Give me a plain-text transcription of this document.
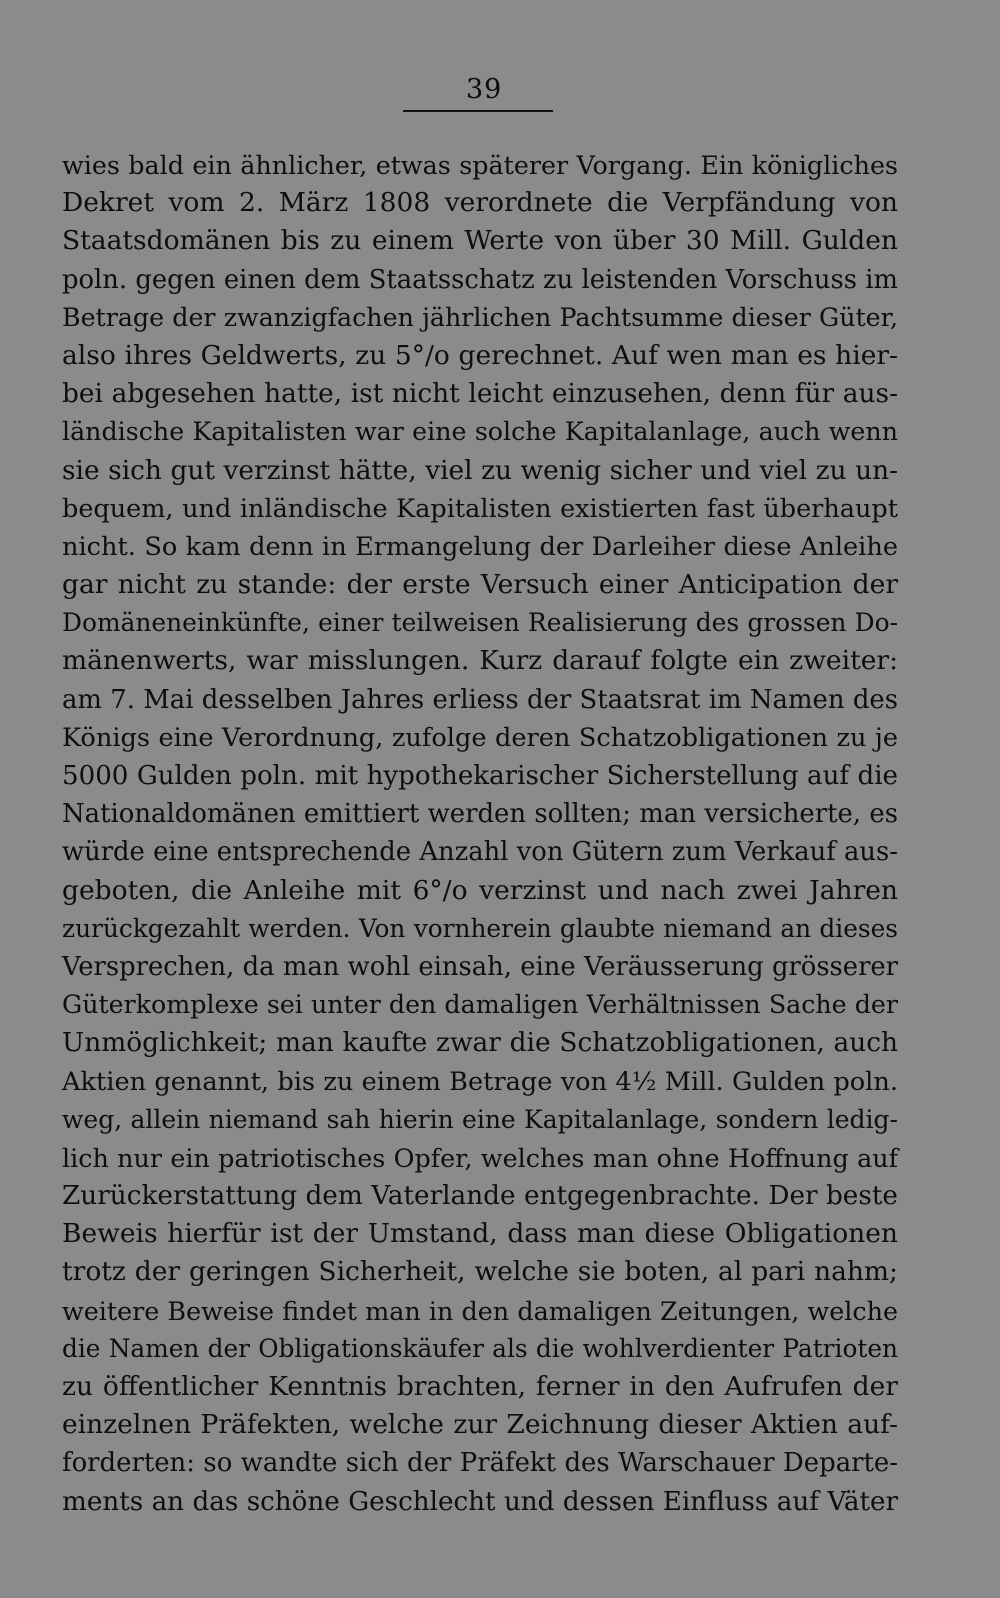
39
wies bald ein ähnlicher, etwas späterer Vorgang. Ein königliches
Dekret vom 2. März 1808 verordnete die Verpfändung von
Staatsdomänen bis zu einem Werte von über 30 Mill. Gulden
poln. gegen einen dem Staatsschatz zu leistenden Vorschuss im
Betrage der zwanzigfachen jährlichen Pachtsumme dieser Güter,
also ihres Geldwerts, zu 5°/o gerechnet. Auf wen man es hier-
bei abgesehen hatte, ist nicht leicht einzusehen, denn für aus-
ländische Kapitalisten war eine solche Kapitalanlage, auch wenn
sie sich gut verzinst hätte, viel zu wenig sicher und viel zu un-
bequem, und inländische Kapitalisten existierten fast überhaupt
nicht. So kam denn in Ermangelung der Darleiher diese Anleihe
gar nicht zu stande: der erste Versuch einer Anticipation der
Domäneneinkünfte, einer teilweisen Realisierung des grossen Do-
mänenwerts, war misslungen. Kurz darauf folgte ein zweiter:
am 7. Mai desselben Jahres erliess der Staatsrat im Namen des
Königs eine Verordnung, zufolge deren Schatzobligationen zu je
5000 Gulden poln. mit hypothekarischer Sicherstellung auf die
Nationaldomänen emittiert werden sollten; man versicherte, es
würde eine entsprechende Anzahl von Gütern zum Verkauf aus-
geboten, die Anleihe mit 6°/o verzinst und nach zwei Jahren
zurückgezahlt werden. Von vornherein glaubte niemand an dieses
Versprechen, da man wohl einsah, eine Veräusserung grösserer
Güterkomplexe sei unter den damaligen Verhältnissen Sache der
Unmöglichkeit; man kaufte zwar die Schatzobligationen, auch
Aktien genannt, bis zu einem Betrage von 4½ Mill. Gulden poln.
weg, allein niemand sah hierin eine Kapitalanlage, sondern ledig-
lich nur ein patriotisches Opfer, welches man ohne Hoffnung auf
Zurückerstattung dem Vaterlande entgegenbrachte. Der beste
Beweis hierfür ist der Umstand, dass man diese Obligationen
trotz der geringen Sicherheit, welche sie boten, al pari nahm;
weitere Beweise findet man in den damaligen Zeitungen, welche
die Namen der Obligationskäufer als die wohlverdienter Patrioten
zu öffentlicher Kenntnis brachten, ferner in den Aufrufen der
einzelnen Präfekten, welche zur Zeichnung dieser Aktien auf-
forderten: so wandte sich der Präfekt des Warschauer Departe-
ments an das schöne Geschlecht und dessen Einfluss auf Väter
